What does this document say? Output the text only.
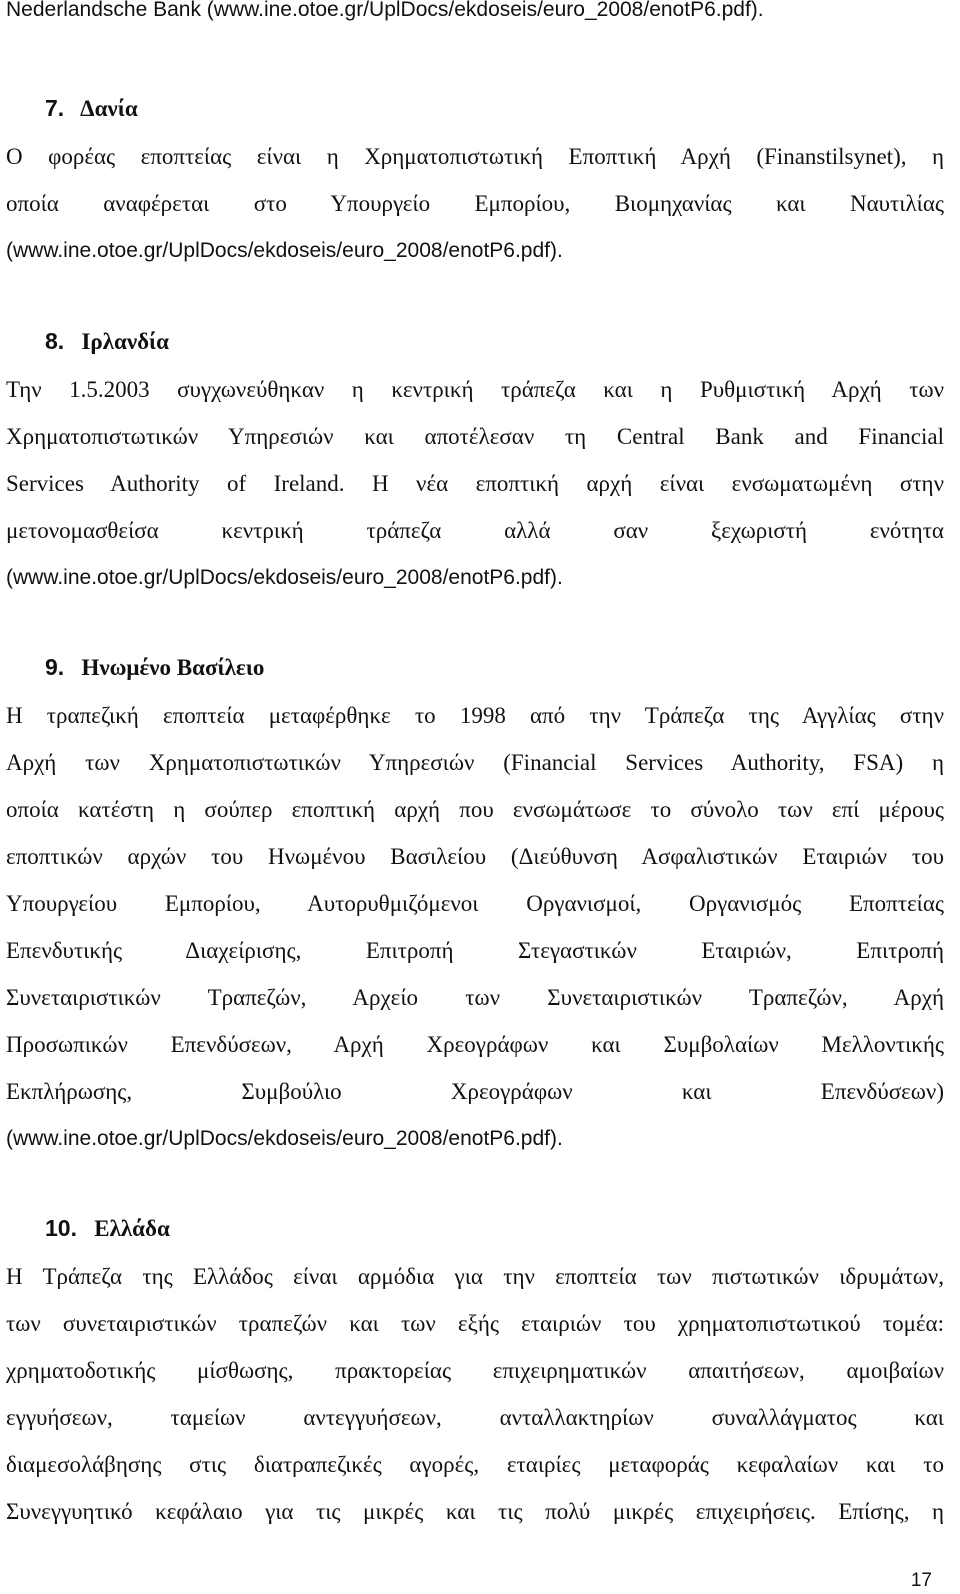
Nederlandsche Bank (www.ine.otoe.gr/UplDocs/ekdoseis/euro_2008/enotP6.pdf).
7. Δανία
Ο φορέας εποπτείας είναι η Χρηματοπιστωτική Εποπτική Αρχή (Finanstilsynet), η
οποία αναφέρεται στο Υπουργείο Εμπορίου, Βιομηχανίας και Ναυτιλίας
(www.ine.otoe.gr/UplDocs/ekdoseis/euro_2008/enotP6.pdf).
8. Ιρλανδία
Την 1.5.2003 συγχωνεύθηκαν η κεντρική τράπεζα και η Ρυθμιστική Αρχή των
Χρηματοπιστωτικών Υπηρεσιών και αποτέλεσαν τη Central Bank and Financial
Services Authority of Ireland. Η νέα εποπτική αρχή είναι ενσωματωμένη στην
μετονομασθείσα κεντρική τράπεζα αλλά σαν ξεχωριστή ενότητα
(www.ine.otoe.gr/UplDocs/ekdoseis/euro_2008/enotP6.pdf).
9. Ηνωμένο Βασίλειο
Η τραπεζική εποπτεία μεταφέρθηκε το 1998 από την Τράπεζα της Αγγλίας στην
Αρχή των Χρηματοπιστωτικών Υπηρεσιών (Financial Services Authority, FSA) η
οποία κατέστη η σούπερ εποπτική αρχή που ενσωμάτωσε το σύνολο των επί μέρους
εποπτικών αρχών του Ηνωμένου Βασιλείου (Διεύθυνση Ασφαλιστικών Εταιριών του
Υπουργείου Εμπορίου, Αυτορυθμιζόμενοι Οργανισμοί, Οργανισμός Εποπτείας
Επενδυτικής Διαχείρισης, Επιτροπή Στεγαστικών Εταιριών, Επιτροπή
Συνεταιριστικών Τραπεζών, Αρχείο των Συνεταιριστικών Τραπεζών, Αρχή
Προσωπικών Επενδύσεων, Αρχή Χρεογράφων και Συμβολαίων Μελλοντικής
Εκπλήρωσης, Συμβούλιο Χρεογράφων και Επενδύσεων)
(www.ine.otoe.gr/UplDocs/ekdoseis/euro_2008/enotP6.pdf).
10. Ελλάδα
Η Τράπεζα της Ελλάδος είναι αρμόδια για την εποπτεία των πιστωτικών ιδρυμάτων,
των συνεταιριστικών τραπεζών και των εξής εταιριών του χρηματοπιστωτικού τομέα:
χρηματοδοτικής μίσθωσης, πρακτορείας επιχειρηματικών απαιτήσεων, αμοιβαίων
εγγυήσεων, ταμείων αντεγγυήσεων, ανταλλακτηρίων συναλλάγματος και
διαμεσολάβησης στις διατραπεζικές αγορές, εταιρίες μεταφοράς κεφαλαίων και το
Συνεγγυητικό κεφάλαιο για τις μικρές και τις πολύ μικρές επιχειρήσεις. Επίσης, η
17
